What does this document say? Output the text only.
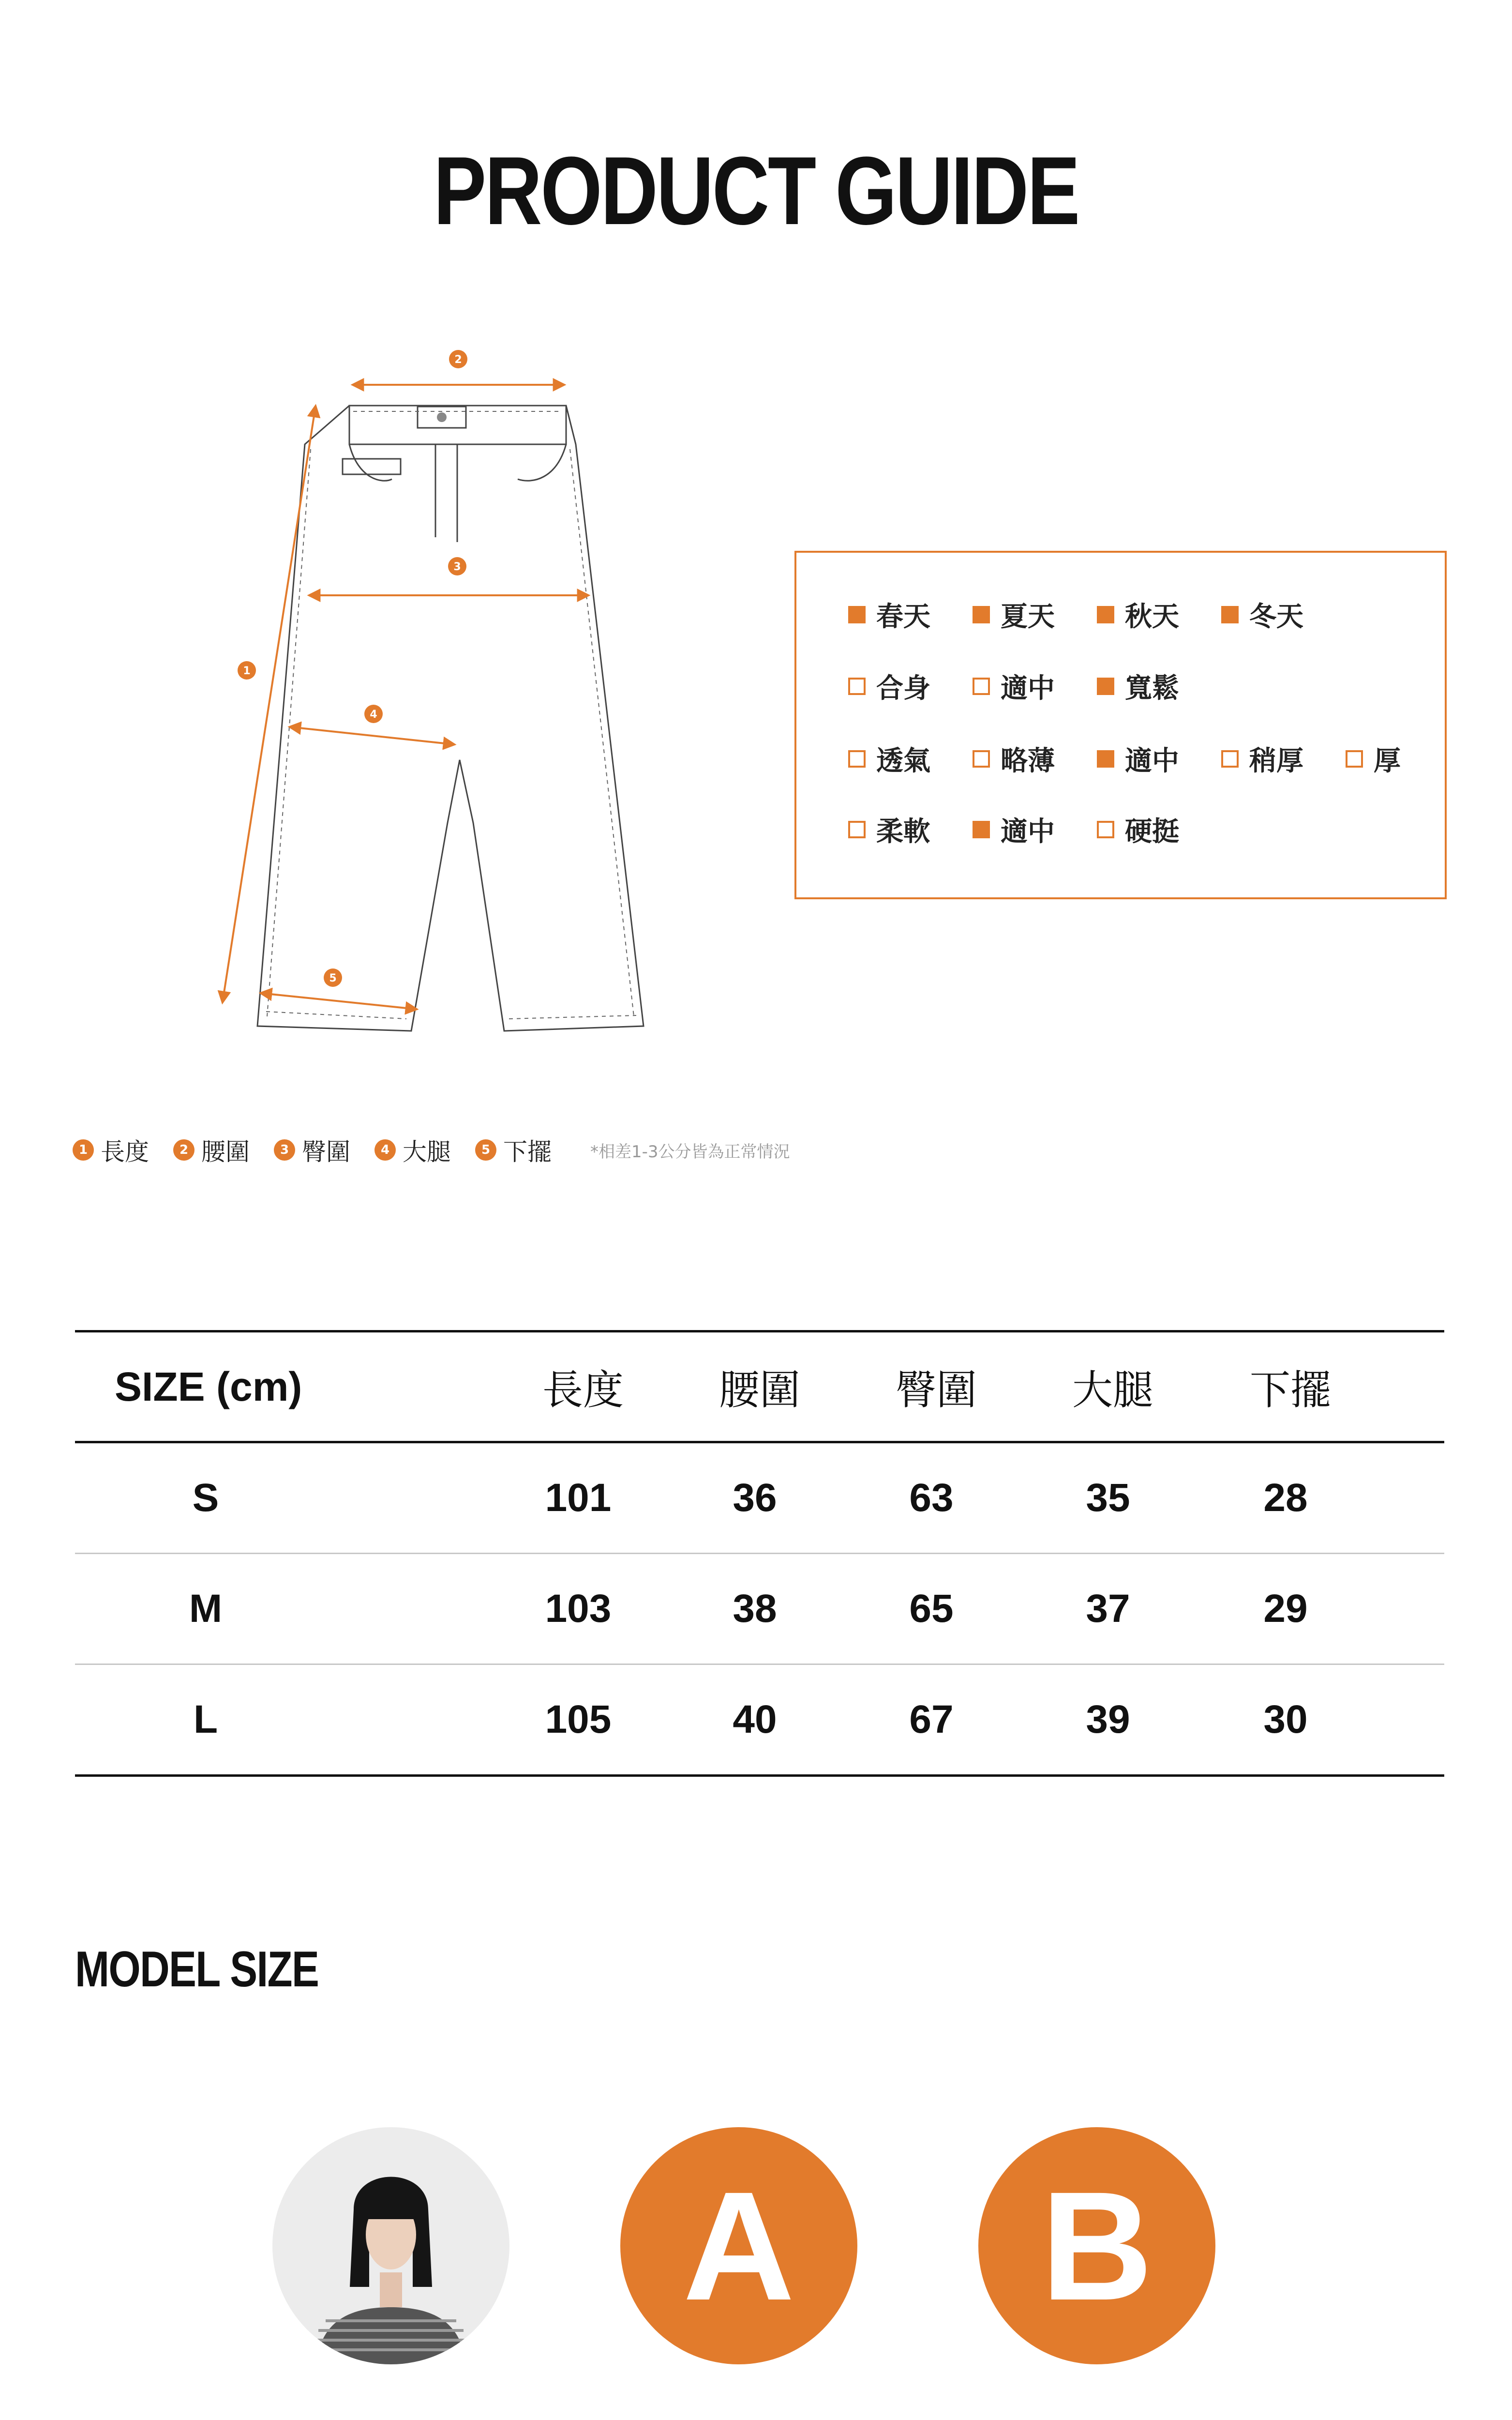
PRODUCT GUIDE
2
1
3
4
5
春天	夏天	秋天	冬天
合身	適中	寬鬆
透氣	略薄	適中	稍厚	厚
柔軟	適中	硬挺
1 長度	2 腰圍	3 臀圍	4 大腿	5 下擺 *相差1-3公分皆為正常情況
SIZE (cm)	長度	腰圍	臀圍	大腿	下擺
S	101	36	63	35	28
M	103	38	65	37	29
L	105	40	67	39	30
MODEL SIZE
A	B
